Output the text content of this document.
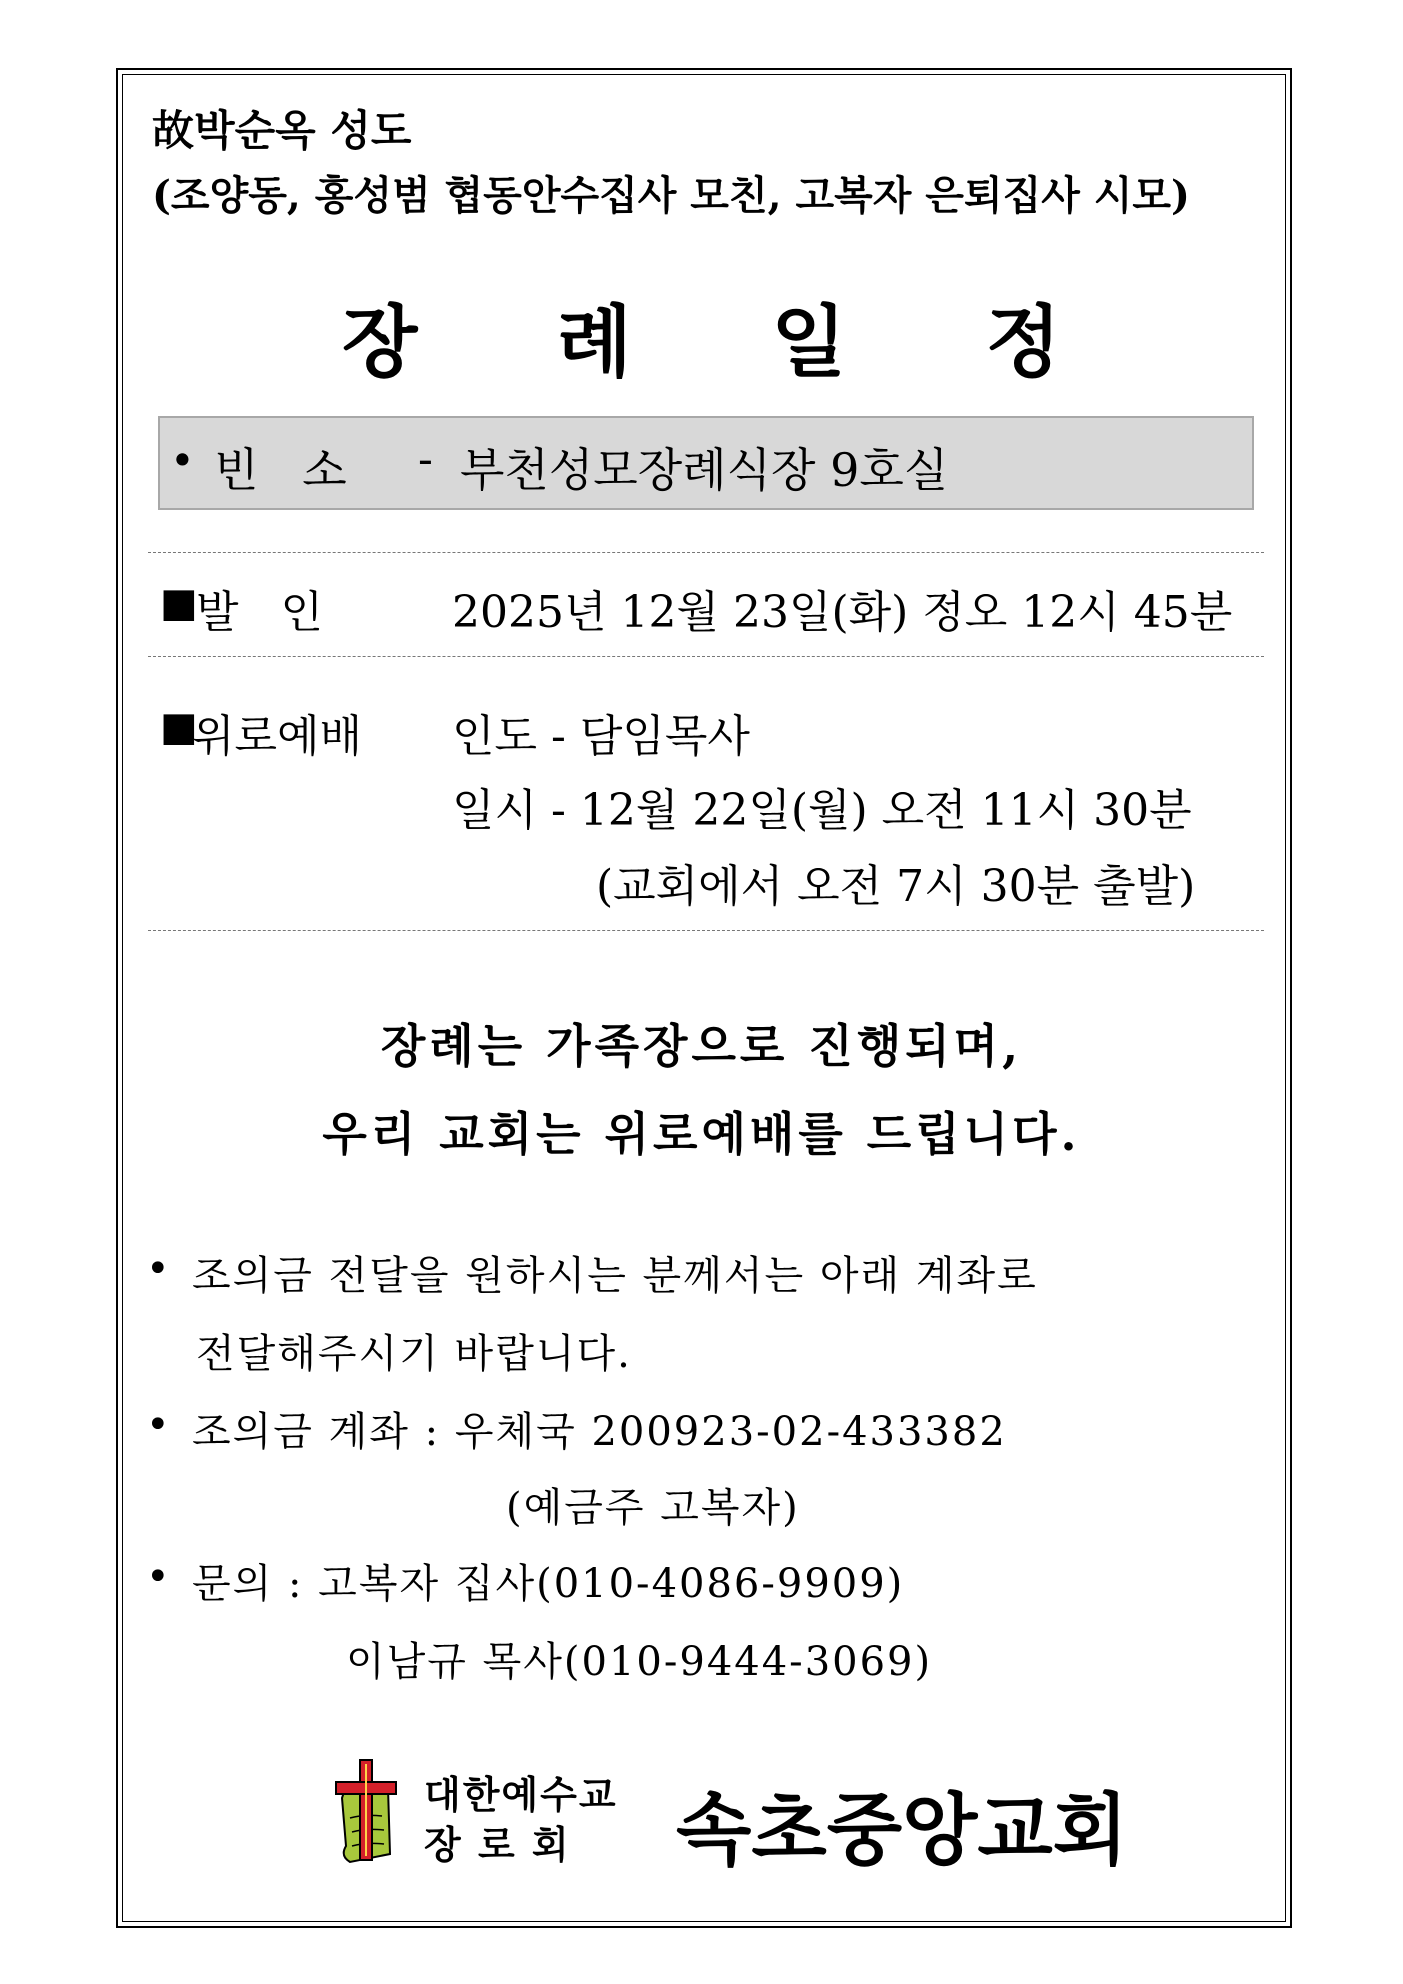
故박순옥 성도
(조양동, 홍성범 협동안수집사 모친, 고복자 은퇴집사 시모)
장 례 일 정
• 빈   소 - 부천성모장례식장 9호실
■
발   인	2025년 12월 23일(화) 정오 12시 45분
■
위로예배 인도 - 담임목사
일시 - 12월 22일(월) 오전 11시 30분
(교회에서 오전 7시 30분 출발)
장례는 가족장으로 진행되며,
우리 교회는 위로예배를 드립니다.
• 조의금 전달을 원하시는 분께서는 아래 계좌로
전달해주시기 바랍니다.
• 조의금 계좌 : 우체국 200923-02-433382
(예금주 고복자)
• 문의 : 고복자 집사(010-4086-9909)
이남규 목사(010-9444-3069)
대한예수교
장 로 회 속초중앙교회
